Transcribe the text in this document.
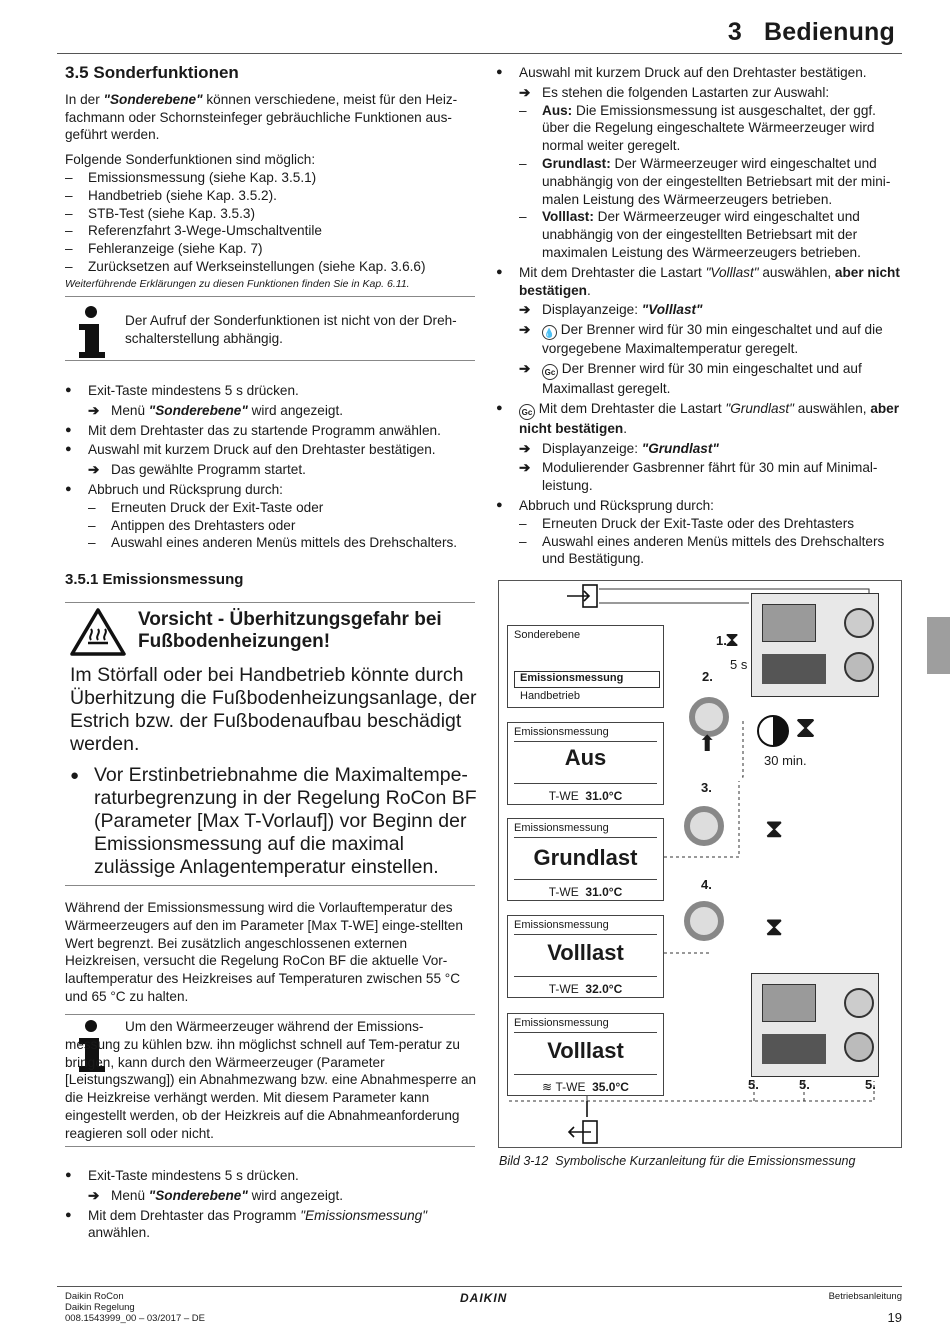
3 Bedienung
3.5 Sonderfunktionen

In der "Sonderebene" können verschiedene, meist für den Heiz-fachmann oder Schornsteinfeger gebräuchliche Funktionen aus-geführt werden.

Folgende Sonderfunktionen sind möglich:

– Emissionsmessung (siehe Kap. 3.5.1)
– Handbetrieb (siehe Kap. 3.5.2).
– STB-Test (siehe Kap. 3.5.3)
– Referenzfahrt 3-Wege-Umschaltventile
– Fehleranzeige (siehe Kap. 7)
– Zurücksetzen auf Werkseinstellungen (siehe Kap. 3.6.6)

Weiterführende Erklärungen zu diesen Funktionen finden Sie in Kap. 6.11.

Der Aufruf der Sonderfunktionen ist nicht von der Dreh-schalterstellung abhängig.
● Exit-Taste mindestens 5 s drücken.
➔ Menü "Sonderebene" wird angezeigt.
● Mit dem Drehtaster das zu startende Programm anwählen.
● Auswahl mit kurzem Druck auf den Drehtaster bestätigen.
➔ Das gewählte Programm startet.
● Abbruch und Rücksprung durch:
– Erneuten Druck der Exit-Taste oder
– Antippen des Drehtasters oder
– Auswahl eines anderen Menüs mittels des Drehschalters.
3.5.1 Emissionsmessung
Vorsicht - Überhitzungsgefahr bei Fußbodenheizungen!
Im Störfall oder bei Handbetrieb könnte durch Überhitzung die Fußbodenheizungsanlage, der Estrich bzw. der Fußbodenaufbau beschädigt werden.
● Vor Erstinbetriebnahme die Maximaltempe-raturbegrenzung in der Regelung RoCon BF (Parameter [Max T-Vorlauf]) vor Beginn der Emissionsmessung auf die maximal zulässige Anlagentemperatur einstellen.
Während der Emissionsmessung wird die Vorlauftemperatur des Wärmeerzeugers auf den im Parameter [Max T-WE] einge-stellten Wert begrenzt. Bei zusätzlich angeschlossenen externen Heizkreisen, versucht die Regelung RoCon BF die aktuelle Vor-lauftemperatur des Heizkreises auf Temperaturen zwischen 55 °C und 65 °C zu halten.
Um den Wärmeerzeuger während der Emissions-messung zu kühlen bzw. ihn möglichst schnell auf Tem-peratur zu bringen, kann durch den Wärmeerzeuger (Parameter [Leistungszwang]) ein Abnahmezwang bzw. eine Abnahmesperre an die Heizkreise verhängt werden. Mit diesem Parameter kann eingestellt werden, ob der Heizkreis auf die Abnahmeanforderung reagieren soll oder nicht.
● Exit-Taste mindestens 5 s drücken.
➔ Menü "Sonderebene" wird angezeigt.
● Mit dem Drehtaster das Programm "Emissionsmessung" anwählen.
● Auswahl mit kurzem Druck auf den Drehtaster bestätigen.
➔ Es stehen die folgenden Lastarten zur Auswahl:
– Aus: Die Emissionsmessung ist ausgeschaltet, der ggf. über die Regelung eingeschaltete Wärmeerzeuger wird normal weiter geregelt.
– Grundlast: Der Wärmeerzeuger wird eingeschaltet und unabhängig von der eingestellten Betriebsart mit der mini-malen Leistung des Wärmeerzeugers betrieben.
– Volllast: Der Wärmeerzeuger wird eingeschaltet und unabhängig von der eingestellten Betriebsart mit der maximalen Leistung des Wärmeerzeugers betrieben.
● Mit dem Drehtaster die Lastart "Volllast" auswählen, aber nicht bestätigen.
➔ Displayanzeige: "Volllast"
➔ 💧 Der Brenner wird für 30 min eingeschaltet und auf die vorgegebene Maximaltemperatur geregelt.
➔ Gc Der Brenner wird für 30 min eingeschaltet und auf Maximallast geregelt.
● Gc Mit dem Drehtaster die Lastart "Grundlast" auswählen, aber nicht bestätigen.
➔ Displayanzeige: "Grundlast"
➔ Modulierender Gasbrenner fährt für 30 min auf Minimal-leistung.
● Abbruch und Rücksprung durch:
– Erneuten Druck der Exit-Taste oder des Drehtasters
– Auswahl eines anderen Menüs mittels des Drehschalters und Bestätigung.
Sonderebene
Emissionsmessung
Handbetrieb
Emissionsmessung
Aus
T-WE 31.0°C
Emissionsmessung
Grundlast
T-WE 31.0°C
Emissionsmessung
Volllast
T-WE 32.0°C
Emissionsmessung
Volllast
≋ T-WE 35.0°C
⬆
1.
5 s
2.
3.
4.
5.	5.	5.
⧗
30 min.
⧗
⧗
⧗
Bild 3-12 Symbolische Kurzanleitung für die Emissionsmessung
Daikin RoCon
Daikin Regelung
008.1543999_00 – 03/2017 – DE
DAIKIN	Betriebsanleitung
19
